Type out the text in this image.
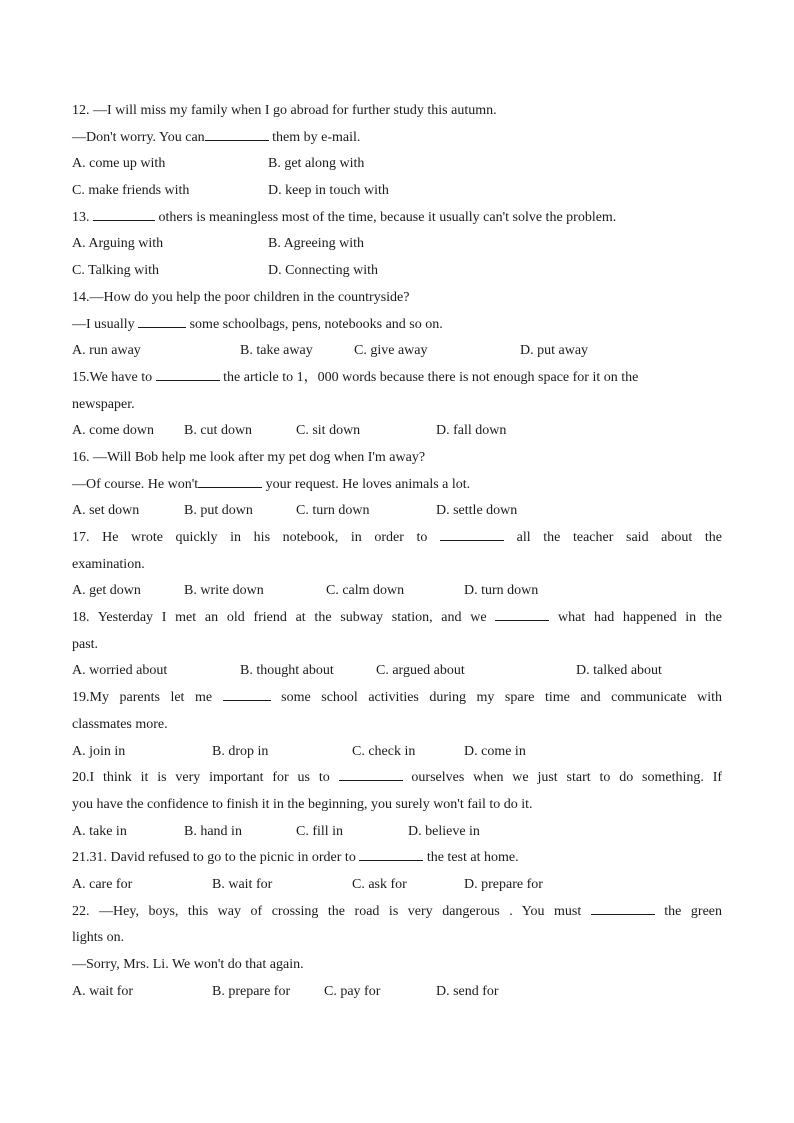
12. —I will miss my family when I go abroad for further study this autumn.
—Don't worry. You can	them by e-mail.
A. come up with	B. get along with
C. make friends with	D. keep in touch with
13.	others is meaningless most of the time, because it usually can't solve the problem.
A. Arguing with	B. Agreeing with
C. Talking with	D. Connecting with
14.—How do you help the poor children in the countryside?
—I usually	some schoolbags, pens, notebooks and so on.
A. run away	B. take away	C. give away	D. put away
15.We have to	the article to 1，000 words because there is not enough space for it on the
newspaper.
A. come down B. cut down	C. sit down	D. fall down
16. —Will Bob help me look after my pet dog when I'm away?
—Of course. He won't	your request. He loves animals a lot.
A. set down	B. put down	C. turn down	D. settle down
17. He wrote quickly in his notebook, in order to	all the teacher said about the
examination.
A. get down	B. write down	C. calm down	D. turn down
18. Yesterday I met an old friend at the subway station, and we	what had happened in the
past.
A. worried about	B. thought about	C. argued about	D. talked about
19.My parents let me	some school activities during my spare time and communicate with
classmates more.
A. join in	B. drop in	C. check in	D. come in
20.I think it is very important for us to	ourselves when we just start to do something. If
you have the confidence to finish it in the beginning, you surely won't fail to do it.
A. take in	B. hand in	C. fill in	D. believe in
21.31. David refused to go to the picnic in order to	the test at home.
A. care for	B. wait for	C. ask for	D. prepare for
22. —Hey, boys, this way of crossing the road is very dangerous . You must	the green
lights on.
—Sorry, Mrs. Li. We won't do that again.
A. wait for	B. prepare for C. pay for	D. send for
